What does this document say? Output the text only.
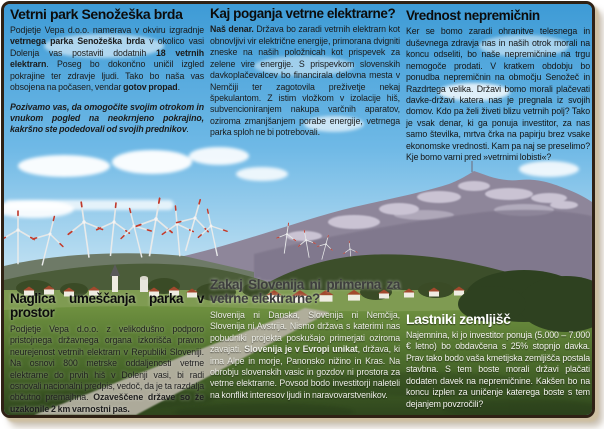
Vetrni park Senožeška brda

Podjetje Vepa d.o.o. namerava v okviru izgradnje vetrnega parka Senožeška brda v okolico vasi Dolenja vas postaviti dodatnih 18 vetrnih elektrarn. Poseg bo dokončno uničil izgled pokrajine ter zdravje ljudi. Tako bo naša vas obsojena na počasen, vendar gotov propad.

Pozivamo vas, da omogočite svojim otrokom in vnukom pogled na neokrnjeno pokrajino, kakršno ste podedovali od svojih prednikov.

Kaj poganja vetrne elektrarne?

Naš denar. Država bo zaradi vetrnih elektrarn kot obnovljivi vir električne energije, primorana dvigniti zneske na naših položnicah kot prispevek za zelene vire energije. S prispevkom slovenskih davkoplačevalcev bo financirala delovna mesta v Nemčiji ter zagotovila preživetje nekaj špekulantom. Z istim vložkom v izolacije hiš, subvencioniranjem nakupa varčnih aparatov, oziroma zmanjšanjem porabe energije, vetrnega parka sploh ne bi potrebovali.

Vrednost nepremičnin

Ker se bomo zaradi ohranitve telesnega in duševnega zdravja nas in naših otrok morali na koncu odseliti, bo naše nepremičnine na trgu nemogoče prodati. V kratkem obdobju bo ponudba nepremičnin na območju Senožeč in Razdrtega velika. Državi bomo morali plačevati davke-državi katera nas je pregnala iz svojih domov. Kdo pa želi živeti blizu vetrnih polj? Tako je vsak denar, ki ga ponuja investitor, za nas samo številka, mrtva črka na papirju brez vsake ekonomske vrednosti. Kam pa naj se preselimo? Kje bomo varni pred »vetrnimi lobisti«?

Naglica umeščanja parka v prostor

Podjetje Vepa d.o.o. z velikodušno podporo pristojnega državnega organa izkorišča pravno neurejenost vetrnih elektrarn v Republiki Sloveniji. Na osnovi 800 metrske oddaljenosti vetrne elektrarne do prvih hiš v Dolenji vasi, bi radi osnovali nacionalni predpis, vedoč, da je ta razdalja občutno premajhna. Ozaveščene države so že uzakonile 2 km varnostni pas.

Zakaj Slovenija ni primerna za vetrne elektrarne?

Slovenija ni Danska, Slovenija ni Nemčija, Slovenija ni Avstrija. Nismo država s katerimi nas pobudniki projekta poskušajo primerjati oziroma zavajati. Slovenija je v Evropi unikat, država, ki ima Alpe in morje, Panonsko nižino in Kras. Na obrobju slovenskih vasic in gozdov ni prostora za vetrne elektrarne. Povsod bodo investitorji naleteli na konflikt interesov ljudi in naravovarstvenikov.

Lastniki zemljišč

Najemnina, ki jo investitor ponuja (5.000 – 7.000 € letno) bo obdavčena s 25% stopnjo davka. Prav tako bodo vaša kmetijska zemljišča postala stavbna. S tem boste morali državi plačati dodaten davek na nepremičnine. Kakšen bo na koncu izplen za uničenje katerega boste s tem dejanjem povzročili?
